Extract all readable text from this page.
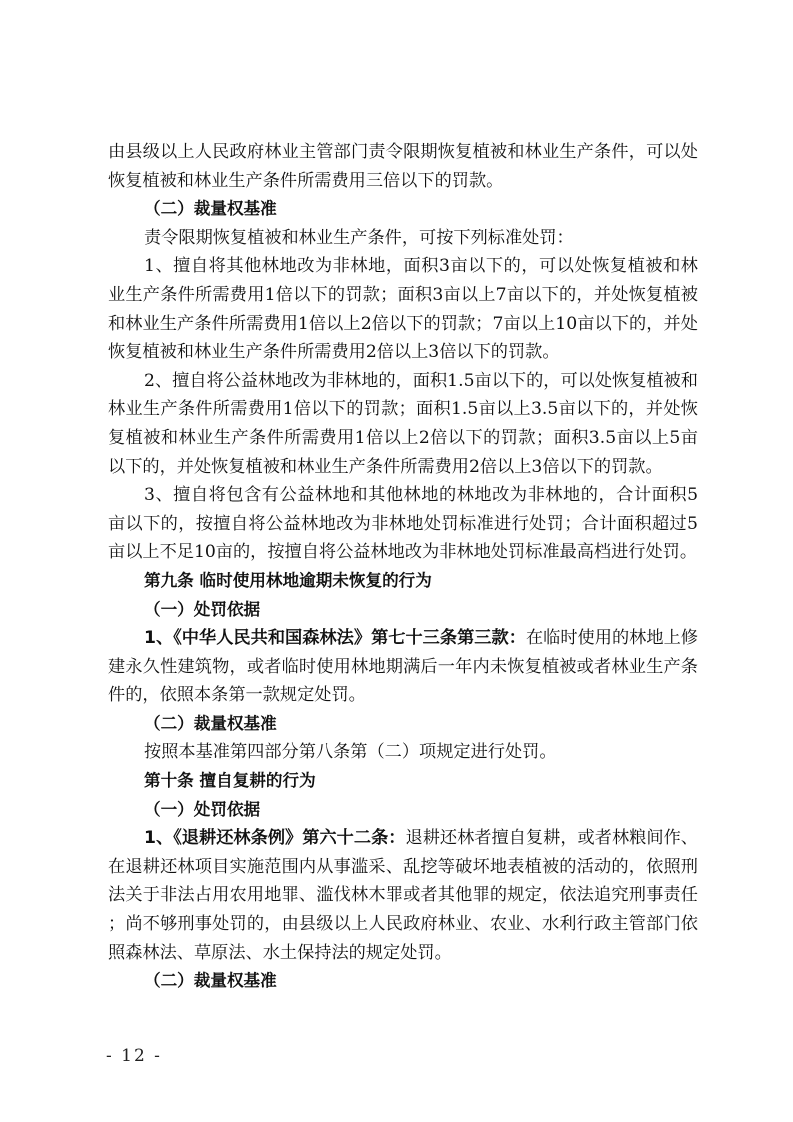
由县级以上人民政府林业主管部门责令限期恢复植被和林业生产条件，可以处恢复植被和林业生产条件所需费用三倍以下的罚款。

（二）裁量权基准

责令限期恢复植被和林业生产条件，可按下列标准处罚：

1、擅自将其他林地改为非林地，面积3亩以下的，可以处恢复植被和林业生产条件所需费用1倍以下的罚款；面积3亩以上7亩以下的，并处恢复植被和林业生产条件所需费用1倍以上2倍以下的罚款；7亩以上10亩以下的，并处恢复植被和林业生产条件所需费用2倍以上3倍以下的罚款。

2、擅自将公益林地改为非林地的，面积1.5亩以下的，可以处恢复植被和林业生产条件所需费用1倍以下的罚款；面积1.5亩以上3.5亩以下的，并处恢复植被和林业生产条件所需费用1倍以上2倍以下的罚款；面积3.5亩以上5亩以下的，并处恢复植被和林业生产条件所需费用2倍以上3倍以下的罚款。

3、擅自将包含有公益林地和其他林地的林地改为非林地的，合计面积5亩以下的，按擅自将公益林地改为非林地处罚标准进行处罚；合计面积超过5亩以上不足10亩的，按擅自将公益林地改为非林地处罚标准最高档进行处罚。

第九条 临时使用林地逾期未恢复的行为

（一）处罚依据

1、《中华人民共和国森林法》第七十三条第三款：在临时使用的林地上修建永久性建筑物，或者临时使用林地期满后一年内未恢复植被或者林业生产条件的，依照本条第一款规定处罚。

（二）裁量权基准

按照本基准第四部分第八条第（二）项规定进行处罚。

第十条 擅自复耕的行为

（一）处罚依据

1、《退耕还林条例》第六十二条：退耕还林者擅自复耕，或者林粮间作、在退耕还林项目实施范围内从事滥采、乱挖等破坏地表植被的活动的，依照刑法关于非法占用农用地罪、滥伐林木罪或者其他罪的规定，依法追究刑事责任；尚不够刑事处罚的，由县级以上人民政府林业、农业、水利行政主管部门依照森林法、草原法、水土保持法的规定处罚。

（二）裁量权基准

- 12 -
